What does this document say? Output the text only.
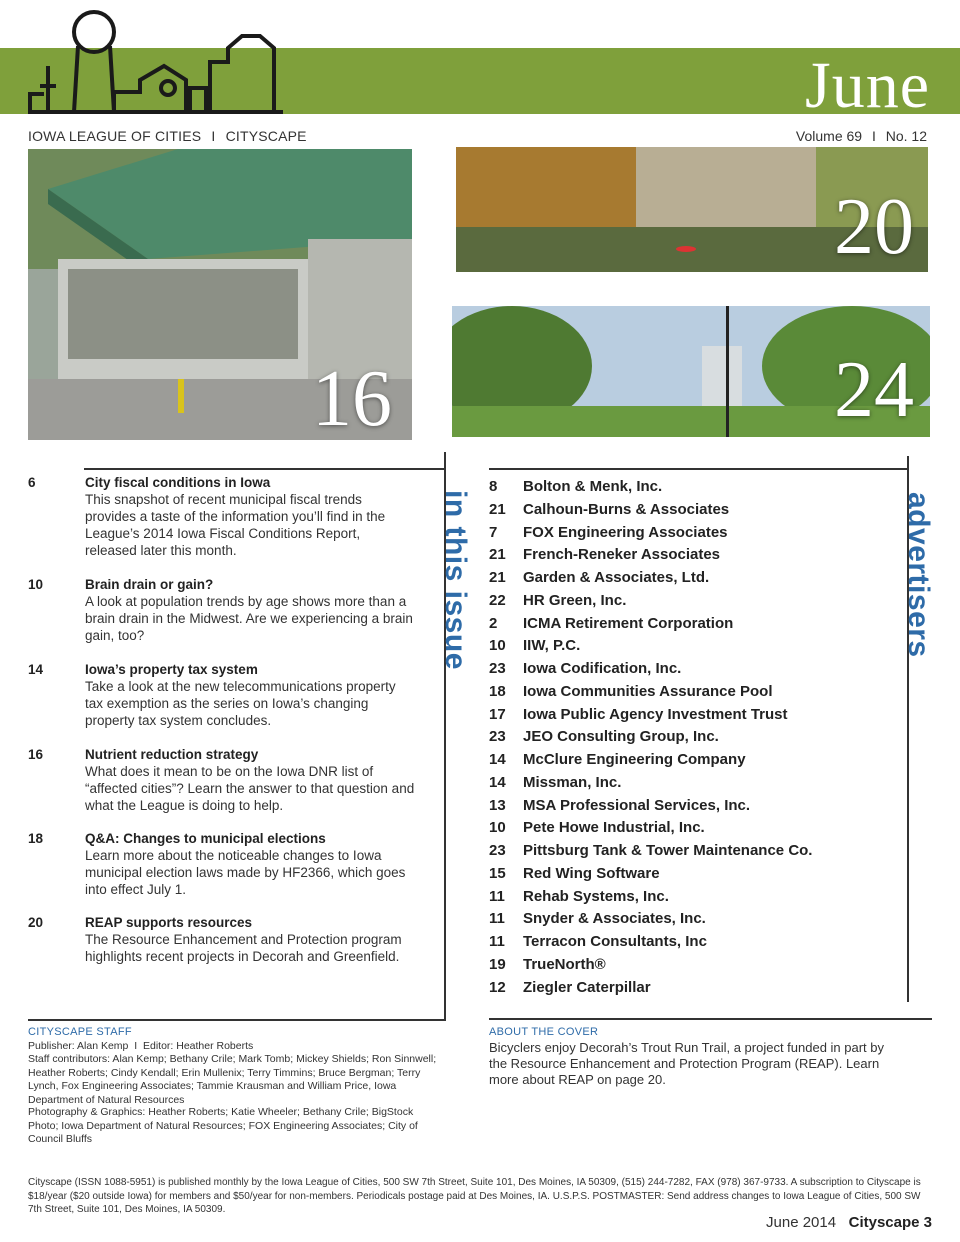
June
IOWA LEAGUE OF CITIES I CITYSCAPE	Volume 69 I No. 12
16
20
24
in this issue
6	City fiscal conditions in Iowa
This snapshot of recent municipal fiscal trends provides a taste of the information you’ll find in the League’s 2014 Iowa Fiscal Conditions Report, released later this month.
10	Brain drain or gain?
A look at population trends by age shows more than a brain drain in the Midwest. Are we experiencing a brain gain, too?
14	Iowa’s property tax system
Take a look at the new telecommunications property tax exemption as the series on Iowa’s changing property tax system concludes.
16	Nutrient reduction strategy
What does it mean to be on the Iowa DNR list of “affected cities”? Learn the answer to that question and what the League is doing to help.
18	Q&A: Changes to municipal elections
Learn more about the noticeable changes to Iowa municipal election laws made by HF2366, which goes into effect July 1.
20	REAP supports resources
The Resource Enhancement and Protection program highlights recent projects in Decorah and Greenfield.
advertisers
8	Bolton & Menk, Inc.
21	Calhoun-Burns & Associates
7	FOX Engineering Associates
21	French-Reneker Associates
21	Garden & Associates, Ltd.
22	HR Green, Inc.
2	ICMA Retirement Corporation
10	IIW, P.C.
23	Iowa Codification, Inc.
18	Iowa Communities Assurance Pool
17	Iowa Public Agency Investment Trust
23	JEO Consulting Group, Inc.
14	McClure Engineering Company
14	Missman, Inc.
13	MSA Professional Services, Inc.
10	Pete Howe Industrial, Inc.
23	Pittsburg Tank & Tower Maintenance Co.
15	Red Wing Software
11	Rehab Systems, Inc.
11	Snyder & Associates, Inc.
11	Terracon Consultants, Inc
19	TrueNorth®
12	Ziegler Caterpillar
CITYSCAPE STAFF
Publisher: Alan Kemp  I  Editor: Heather Roberts
Staff contributors: Alan Kemp; Bethany Crile; Mark Tomb; Mickey Shields; Ron Sinnwell; Heather Roberts; Cindy Kendall; Erin Mullenix; Terry Timmins; Bruce Bergman; Terry Lynch, Fox Engineering Associates; Tammie Krausman and William Price, Iowa Department of Natural Resources
Photography & Graphics: Heather Roberts; Katie Wheeler; Bethany Crile; BigStock Photo; Iowa Department of Natural Resources; FOX Engineering Associates; City of Council Bluffs
ABOUT THE COVER
Bicyclers enjoy Decorah’s Trout Run Trail, a project funded in part by the Resource Enhancement and Protection Program (REAP). Learn more about REAP on page 20.
Cityscape (ISSN 1088-5951) is published monthly by the Iowa League of Cities, 500 SW 7th Street, Suite 101, Des Moines, IA 50309, (515) 244-7282, FAX (978) 367-9733. A subscription to Cityscape is $18/year ($20 outside Iowa) for members and $50/year for non-members. Periodicals postage paid at Des Moines, IA. U.S.P.S. POSTMASTER: Send address changes to Iowa League of Cities, 500 SW 7th Street, Suite 101, Des Moines, IA 50309.
June 2014 Cityscape 3
